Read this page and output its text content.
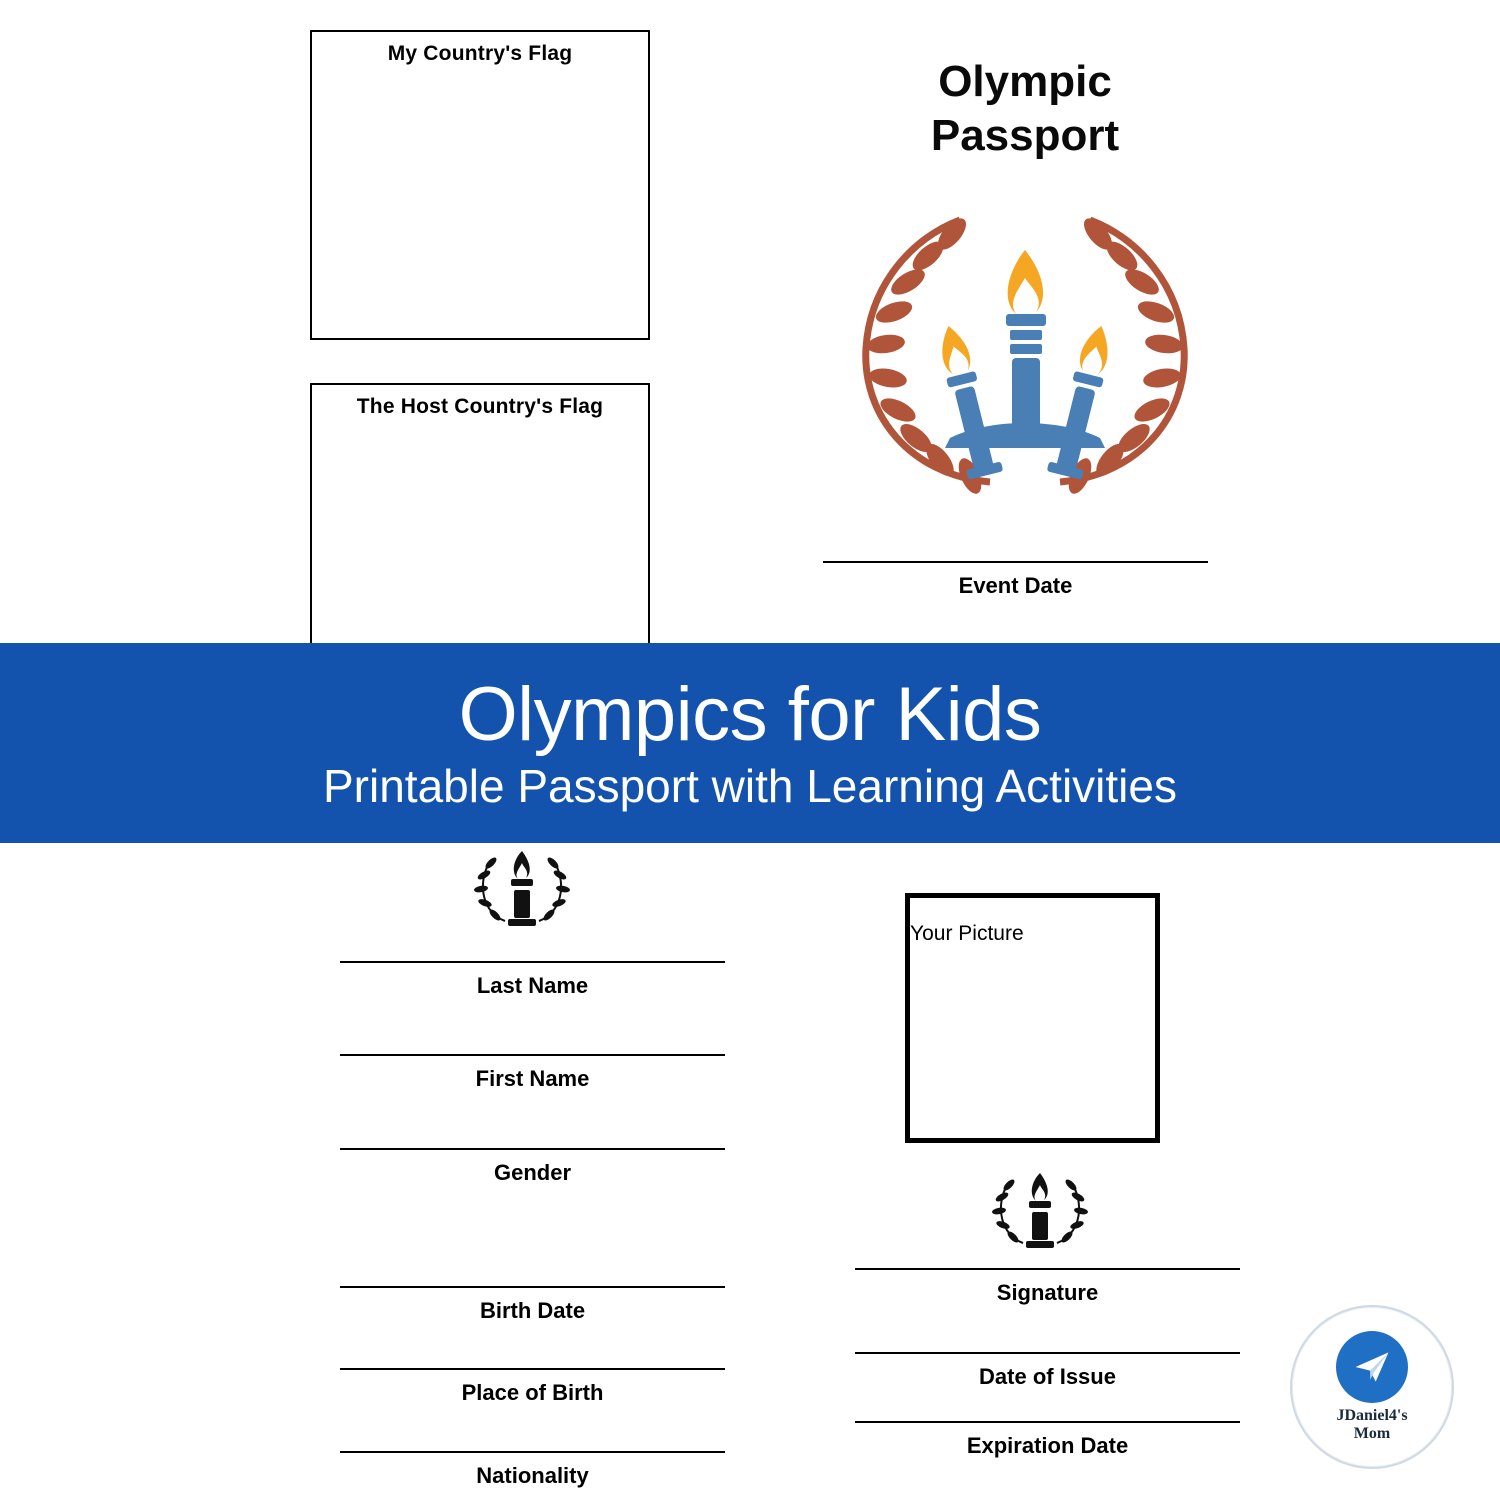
My Country's Flag
The Host Country's Flag
Olympic
Passport
Event Date
Olympics for Kids
Printable Passport with Learning Activities
Last Name
First Name
Gender
Birth Date
Place of Birth
Nationality
Your Picture
Signature
Date of Issue
Expiration Date
JDaniel4's
Mom
